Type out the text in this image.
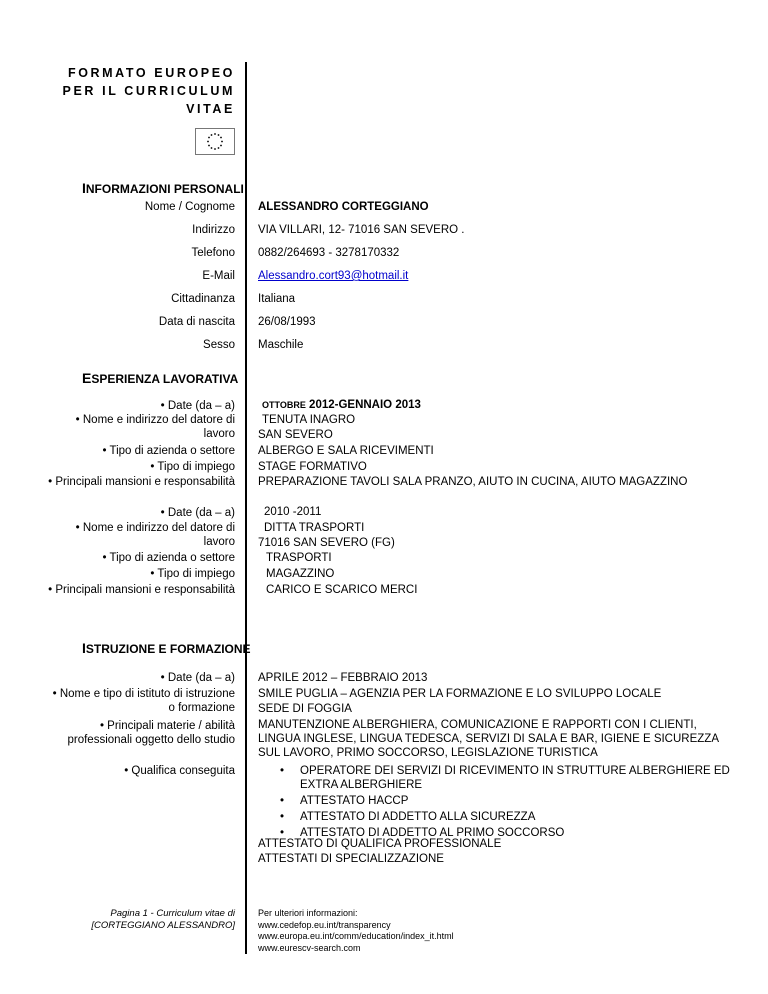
FORMATO EUROPEO
PER IL CURRICULUM
VITAE
INFORMAZIONI PERSONALI
Nome / Cognome ALESSANDRO CORTEGGIANO
Indirizzo VIA VILLARI, 12- 71016 SAN SEVERO .
Telefono 0882/264693 - 3278170332
E-Mail Alessandro.cort93@hotmail.it
Cittadinanza Italiana
Data di nascita 26/08/1993
Sesso Maschile
ESPERIENZA LAVORATIVA
• Date (da – a)
• Nome e indirizzo del datore di
lavoro
• Tipo di azienda o settore
• Tipo di impiego
• Principali mansioni e responsabilità
OTTOBRE 2012-GENNAIO 2013
TENUTA INAGRO
SAN SEVERO
ALBERGO E SALA RICEVIMENTI
STAGE FORMATIVO
PREPARAZIONE TAVOLI SALA PRANZO, AIUTO IN CUCINA, AIUTO MAGAZZINO
• Date (da – a)
• Nome e indirizzo del datore di
lavoro
• Tipo di azienda o settore
• Tipo di impiego
• Principali mansioni e responsabilità
2010 -2011
DITTA TRASPORTI
71016 SAN SEVERO (FG)
TRASPORTI
MAGAZZINO
CARICO E SCARICO MERCI
ISTRUZIONE E FORMAZIONE
• Date (da – a)
• Nome e tipo di istituto di istruzione
o formazione
• Principali materie / abilità
professionali oggetto dello studio
• Qualifica conseguita
APRILE 2012 – FEBBRAIO 2013
SMILE PUGLIA – AGENZIA PER LA FORMAZIONE E LO SVILUPPO LOCALE
SEDE DI FOGGIA
MANUTENZIONE ALBERGHIERA, COMUNICAZIONE E RAPPORTI CON I CLIENTI, LINGUA INGLESE, LINGUA TEDESCA, SERVIZI DI SALA E BAR, IGIENE E SICUREZZA SUL LAVORO, PRIMO SOCCORSO, LEGISLAZIONE TURISTICA
• OPERATORE DEI SERVIZI DI RICEVIMENTO IN STRUTTURE ALBERGHIERE ED EXTRA ALBERGHIERE
• ATTESTATO HACCP
• ATTESTATO DI ADDETTO ALLA SICUREZZA
• ATTESTATO DI ADDETTO AL PRIMO SOCCORSO
ATTESTATO DI QUALIFICA PROFESSIONALE
ATTESTATI DI SPECIALIZZAZIONE
Pagina 1 - Curriculum vitae di
[CORTEGGIANO ALESSANDRO]
Per ulteriori informazioni:
www.cedefop.eu.int/transparency
www.europa.eu.int/comm/education/index_it.html
www.eurescv-search.com
